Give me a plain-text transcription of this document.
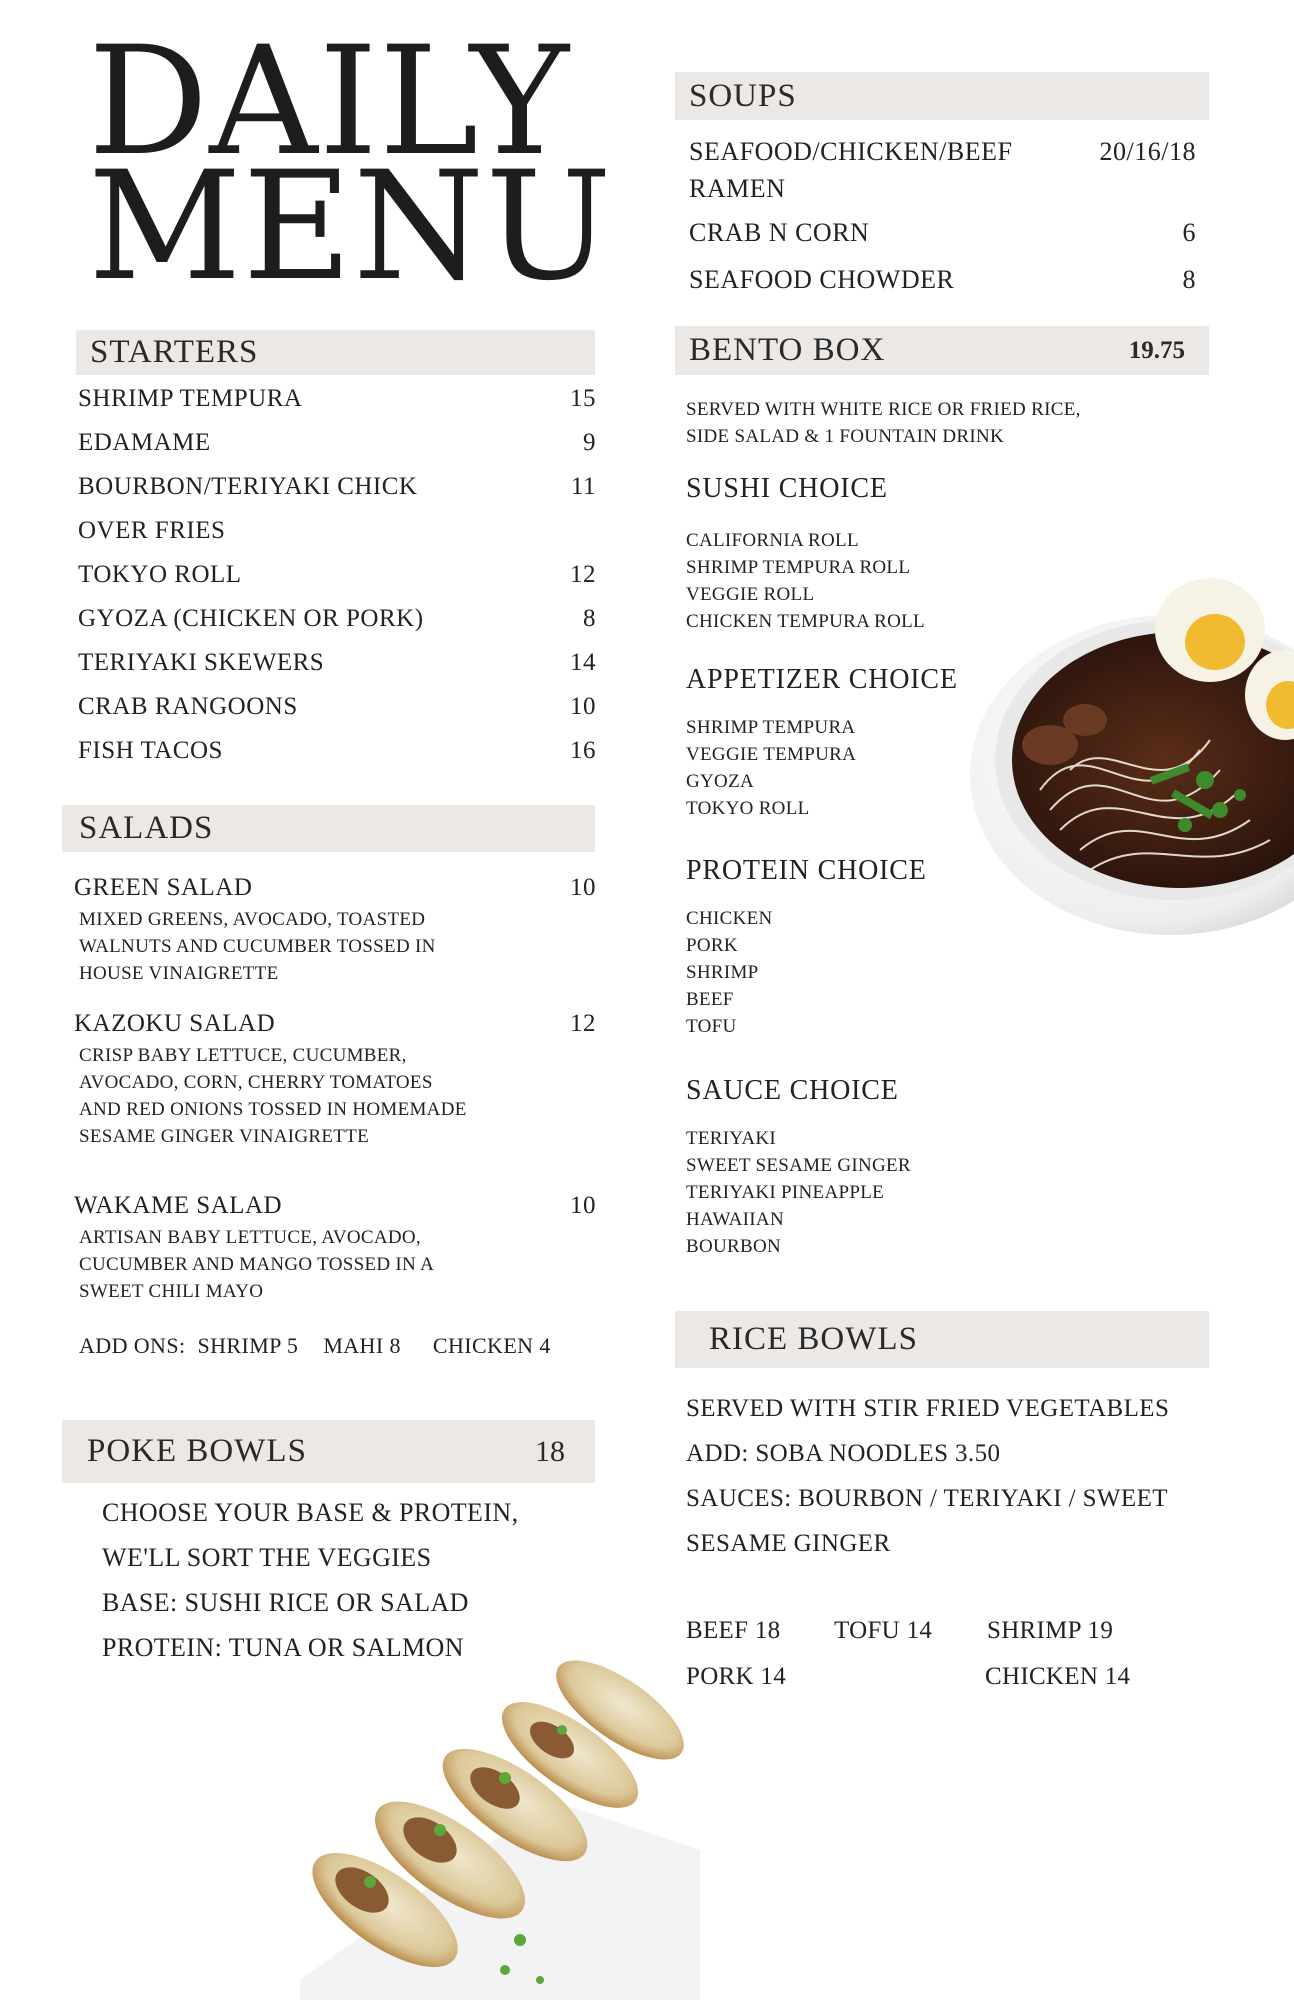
DAILY
MENU
STARTERS
SHRIMP TEMPURA	15
EDAMAME	9
BOURBON/TERIYAKI CHICK	11
OVER FRIES
TOKYO ROLL	12
GYOZA (CHICKEN OR PORK)	8
TERIYAKI SKEWERS	14
CRAB RANGOONS	10
FISH TACOS	16
SALADS
GREEN SALAD	10
MIXED GREENS, AVOCADO, TOASTED
WALNUTS AND CUCUMBER TOSSED IN
HOUSE VINAIGRETTE
KAZOKU SALAD	12
CRISP BABY LETTUCE, CUCUMBER,
AVOCADO, CORN, CHERRY TOMATOES
AND RED ONIONS TOSSED IN HOMEMADE
SESAME GINGER VINAIGRETTE
WAKAME SALAD	10
ARTISAN BABY LETTUCE, AVOCADO,
CUCUMBER AND MANGO TOSSED IN A
SWEET CHILI MAYO
ADD ONS: SHRIMP 5 MAHI 8 CHICKEN 4
POKE BOWLS	18
CHOOSE YOUR BASE & PROTEIN,
WE'LL SORT THE VEGGIES
BASE: SUSHI RICE OR SALAD
PROTEIN: TUNA OR SALMON
SOUPS
SEAFOOD/CHICKEN/BEEF	20/16/18
RAMEN
CRAB N CORN	6
SEAFOOD CHOWDER	8
BENTO BOX	19.75
SERVED WITH WHITE RICE OR FRIED RICE,
SIDE SALAD & 1 FOUNTAIN DRINK
SUSHI CHOICE
CALIFORNIA ROLL
SHRIMP TEMPURA ROLL
VEGGIE ROLL
CHICKEN TEMPURA ROLL
APPETIZER CHOICE
SHRIMP TEMPURA
VEGGIE TEMPURA
GYOZA
TOKYO ROLL
PROTEIN CHOICE
CHICKEN
PORK
SHRIMP
BEEF
TOFU
SAUCE CHOICE
TERIYAKI
SWEET SESAME GINGER
TERIYAKI PINEAPPLE
HAWAIIAN
BOURBON
RICE BOWLS
SERVED WITH STIR FRIED VEGETABLES
ADD: SOBA NOODLES 3.50
SAUCES: BOURBON / TERIYAKI / SWEET
SESAME GINGER
BEEF 18 TOFU 14 SHRIMP 19
PORK 14	CHICKEN 14
